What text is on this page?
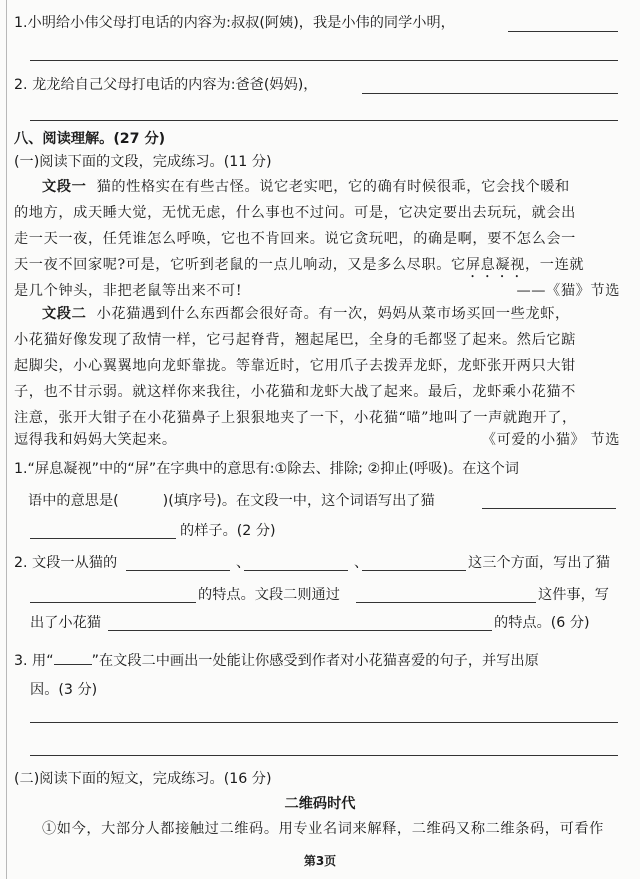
1.小明给小伟父母打电话的内容为:叔叔(阿姨)，我是小伟的同学小明，
2. 龙龙给自己父母打电话的内容为:爸爸(妈妈)，
八、阅读理解。(27 分)
(一)阅读下面的文段，完成练习。(11 分)
文段一 猫的性格实在有些古怪。说它老实吧，它的确有时候很乖，它会找个暖和
的地方，成天睡大觉，无忧无虑，什么事也不过问。可是，它决定要出去玩玩，就会出
走一天一夜，任凭谁怎么呼唤，它也不肯回来。说它贪玩吧，的确是啊，要不怎么会一
天一夜不回家呢?可是，它听到老鼠的一点儿响动，又是多么尽职。它屏息凝视，一连就
是几个钟头，非把老鼠等出来不可!	——《猫》节选
文段二 小花猫遇到什么东西都会很好奇。有一次，妈妈从菜市场买回一些龙虾，
小花猫好像发现了敌情一样，它弓起脊背，翘起尾巴，全身的毛都竖了起来。然后它踮
起脚尖，小心翼翼地向龙虾靠拢。等靠近时，它用爪子去拨弄龙虾，龙虾张开两只大钳
子，也不甘示弱。就这样你来我往，小花猫和龙虾大战了起来。最后，龙虾乘小花猫不
注意，张开大钳子在小花猫鼻子上狠狠地夹了一下，小花猫“喵”地叫了一声就跑开了，
逗得我和妈妈大笑起来。	《可爱的小猫》 节选
1.“屏息凝视”中的“屏”在字典中的意思有:①除去、排除; ②抑止(呼吸)。在这个词
语中的意思是(	)(填序号)。在文段一中，这个词语写出了猫
的样子。(2 分)
2. 文段一从猫的	、	、	这三个方面，写出了猫
的特点。文段二则通过	这件事，写
出了小花猫	的特点。(6 分)
3. 用“	”在文段二中画出一处能让你感受到作者对小花猫喜爱的句子，并写出原
因。(3 分)
(二)阅读下面的短文，完成练习。(16 分)
二维码时代
①如今，大部分人都接触过二维码。用专业名词来解释，二维码又称二维条码，可看作
第3页
